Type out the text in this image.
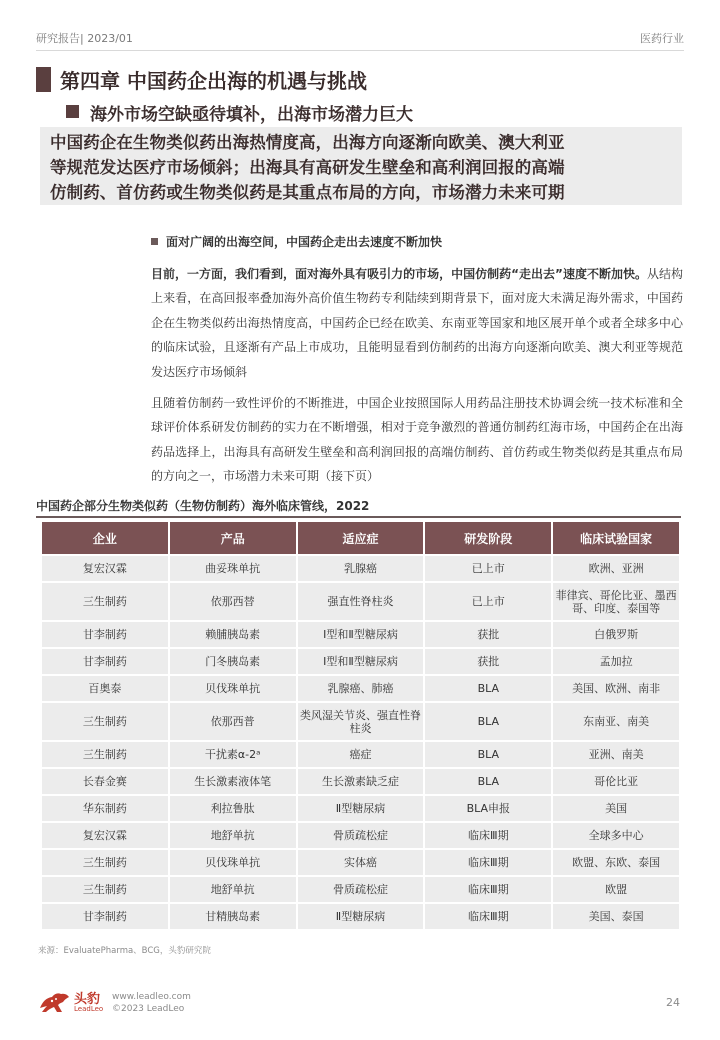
研究报告| 2023/01	医药行业
第四章 中国药企出海的机遇与挑战
海外市场空缺亟待填补，出海市场潜力巨大
中国药企在生物类似药出海热情度高，出海方向逐渐向欧美、澳大利亚
等规范发达医疗市场倾斜；出海具有高研发生壁垒和高利润回报的高端
仿制药、首仿药或生物类似药是其重点布局的方向，市场潜力未来可期
面对广阔的出海空间，中国药企走出去速度不断加快
目前，一方面，我们看到，面对海外具有吸引力的市场，中国仿制药“走出去”速度不断加快。从结构上来看，在高回报率叠加海外高价值生物药专利陆续到期背景下，面对庞大未满足海外需求，中国药企在生物类似药出海热情度高，中国药企已经在欧美、东南亚等国家和地区展开单个或者全球多中心的临床试验，且逐渐有产品上市成功，且能明显看到仿制药的出海方向逐渐向欧美、澳大利亚等规范发达医疗市场倾斜
且随着仿制药一致性评价的不断推进，中国企业按照国际人用药品注册技术协调会统一技术标准和全球评价体系研发仿制药的实力在不断增强，相对于竞争激烈的普通仿制药红海市场，中国药企在出海药品选择上，出海具有高研发生壁垒和高利润回报的高端仿制药、首仿药或生物类似药是其重点布局的方向之一，市场潜力未来可期（接下页）
中国药企部分生物类似药（生物仿制药）海外临床管线，2022
企业	产品	适应症	研发阶段	临床试验国家
复宏汉霖	曲妥珠单抗	乳腺癌	已上市	欧洲、亚洲
三生制药	依那西替	强直性脊柱炎	已上市	菲律宾、哥伦比亚、墨西哥、印度、泰国等
甘李制药	赖脯胰岛素	Ⅰ型和Ⅱ型糖尿病	获批	白俄罗斯
甘李制药	门冬胰岛素	Ⅰ型和Ⅱ型糖尿病	获批	孟加拉
百奥泰	贝伐珠单抗	乳腺癌、肺癌	BLA	美国、欧洲、南非
三生制药	依那西普	类风湿关节炎、强直性脊柱炎	BLA	东南亚、南美
三生制药	干扰素α-2ᵃ	癌症	BLA	亚洲、南美
长春金赛	生长激素液体笔	生长激素缺乏症	BLA	哥伦比亚
华东制药	利拉鲁肽	Ⅱ型糖尿病	BLA申报	美国
复宏汉霖	地舒单抗	骨质疏松症	临床Ⅲ期	全球多中心
三生制药	贝伐珠单抗	实体癌	临床Ⅲ期	欧盟、东欧、泰国
三生制药	地舒单抗	骨质疏松症	临床Ⅲ期	欧盟
甘李制药	甘精胰岛素	Ⅱ型糖尿病	临床Ⅲ期	美国、泰国
来源：EvaluatePharma、BCG，头豹研究院
头豹
LeadLeo
www.leadleo.com
©2023 LeadLeo	24
